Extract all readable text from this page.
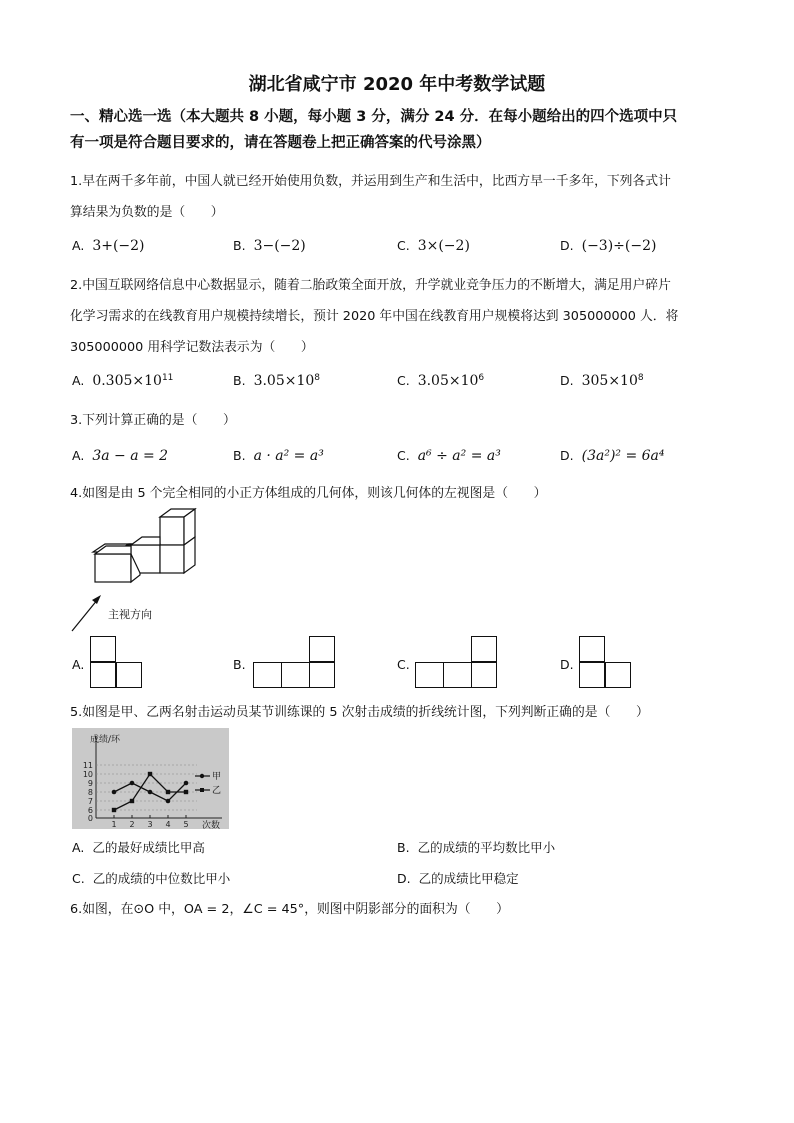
湖北省咸宁市 2020 年中考数学试题
一、精心选一选（本大题共 8 小题，每小题 3 分，满分 24 分．在每小题给出的四个选项中只
有一项是符合题目要求的，请在答题卷上把正确答案的代号涂黑）
1.早在两千多年前，中国人就已经开始使用负数，并运用到生产和生活中，比西方早一千多年，下列各式计
算结果为负数的是（　　）
A. 3+(−2)	B. 3−(−2)	C. 3×(−2)	D. (−3)÷(−2)
2.中国互联网络信息中心数据显示，随着二胎政策全面开放，升学就业竞争压力的不断增大，满足用户碎片
化学习需求的在线教育用户规模持续增长，预计 2020 年中国在线教育用户规模将达到 305000000 人．将
305000000 用科学记数法表示为（　　）
A. $0.305\times 10^{11}$	B. $3.05\times 10^8$	C. $3.05\times 10^6$	D. $305\times 10^8$
3.下列计算正确的是（　　）
A. 3a − a = 2	B. a · a² = a³	C. a⁶ ÷ a² = a³	D. (3a²)² = 6a⁴
4.如图是由 5 个完全相同的小正方体组成的几何体，则该几何体的左视图是（　　）
主视方向
A.	B.	C.	D.
5.如图是甲、乙两名射击运动员某节训练课的 5 次射击成绩的折线统计图，下列判断正确的是（　　）
0
6
7
8
9
10
11
1 2 3 4 5
成绩/环
次数
甲
乙
A. 乙的最好成绩比甲高	B. 乙的成绩的平均数比甲小
C. 乙的成绩的中位数比甲小	D. 乙的成绩比甲稳定
6.如图，在⊙O 中，OA = 2，∠C = 45°，则图中阴影部分的面积为（　　）
